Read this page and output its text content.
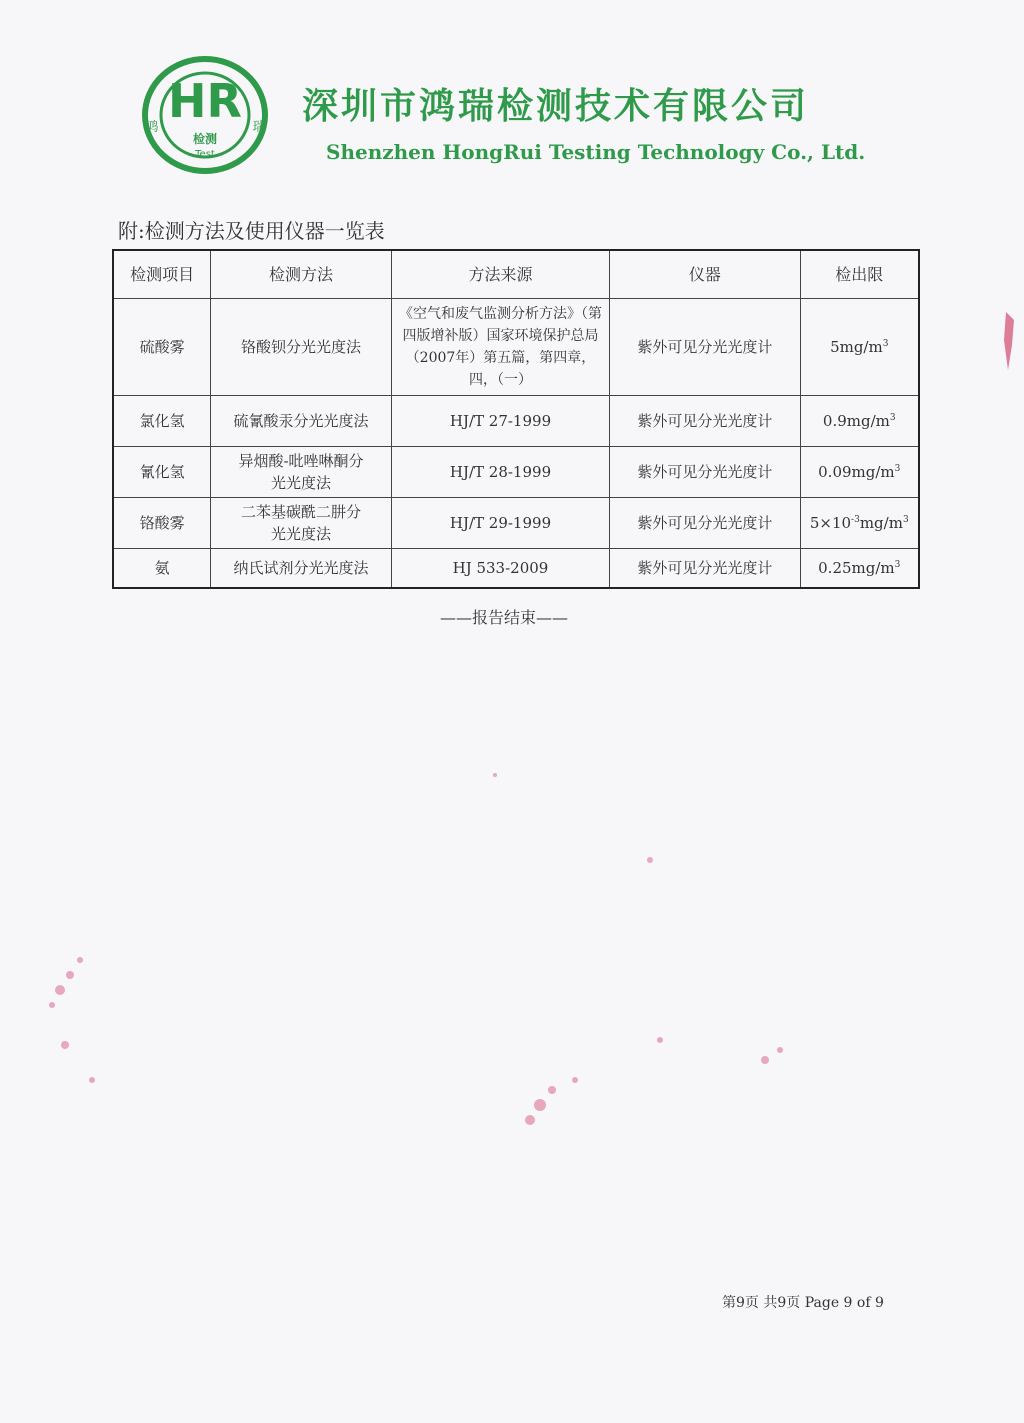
HR
鸿	瑞
检测
Test
深圳市鸿瑞检测技术有限公司
Shenzhen HongRui Testing Technology Co., Ltd.
附:检测方法及使用仪器一览表
检测项目	检测方法	方法来源	仪器	检出限
硫酸雾	铬酸钡分光光度法	《空气和废气监测分析方法》（第四版增补版）国家环境保护总局（2007年）第五篇，第四章，四，（一）	紫外可见分光光度计	$5mg/m^3$
氯化氢	硫氰酸汞分光光度法	HJ/T 27-1999	紫外可见分光光度计	$0.9mg/m^3$
氰化氢	异烟酸-吡唑啉酮分光光度法	HJ/T 28-1999	紫外可见分光光度计	$0.09mg/m^3$
铬酸雾	二苯基碳酰二肼分光光度法	HJ/T 29-1999	紫外可见分光光度计	$5\times 10^{-3}mg/m^3$
氨	纳氏试剂分光光度法	HJ 533-2009	紫外可见分光光度计	$0.25mg/m^3$
——报告结束——
第9页 共9页 Page 9 of 9
